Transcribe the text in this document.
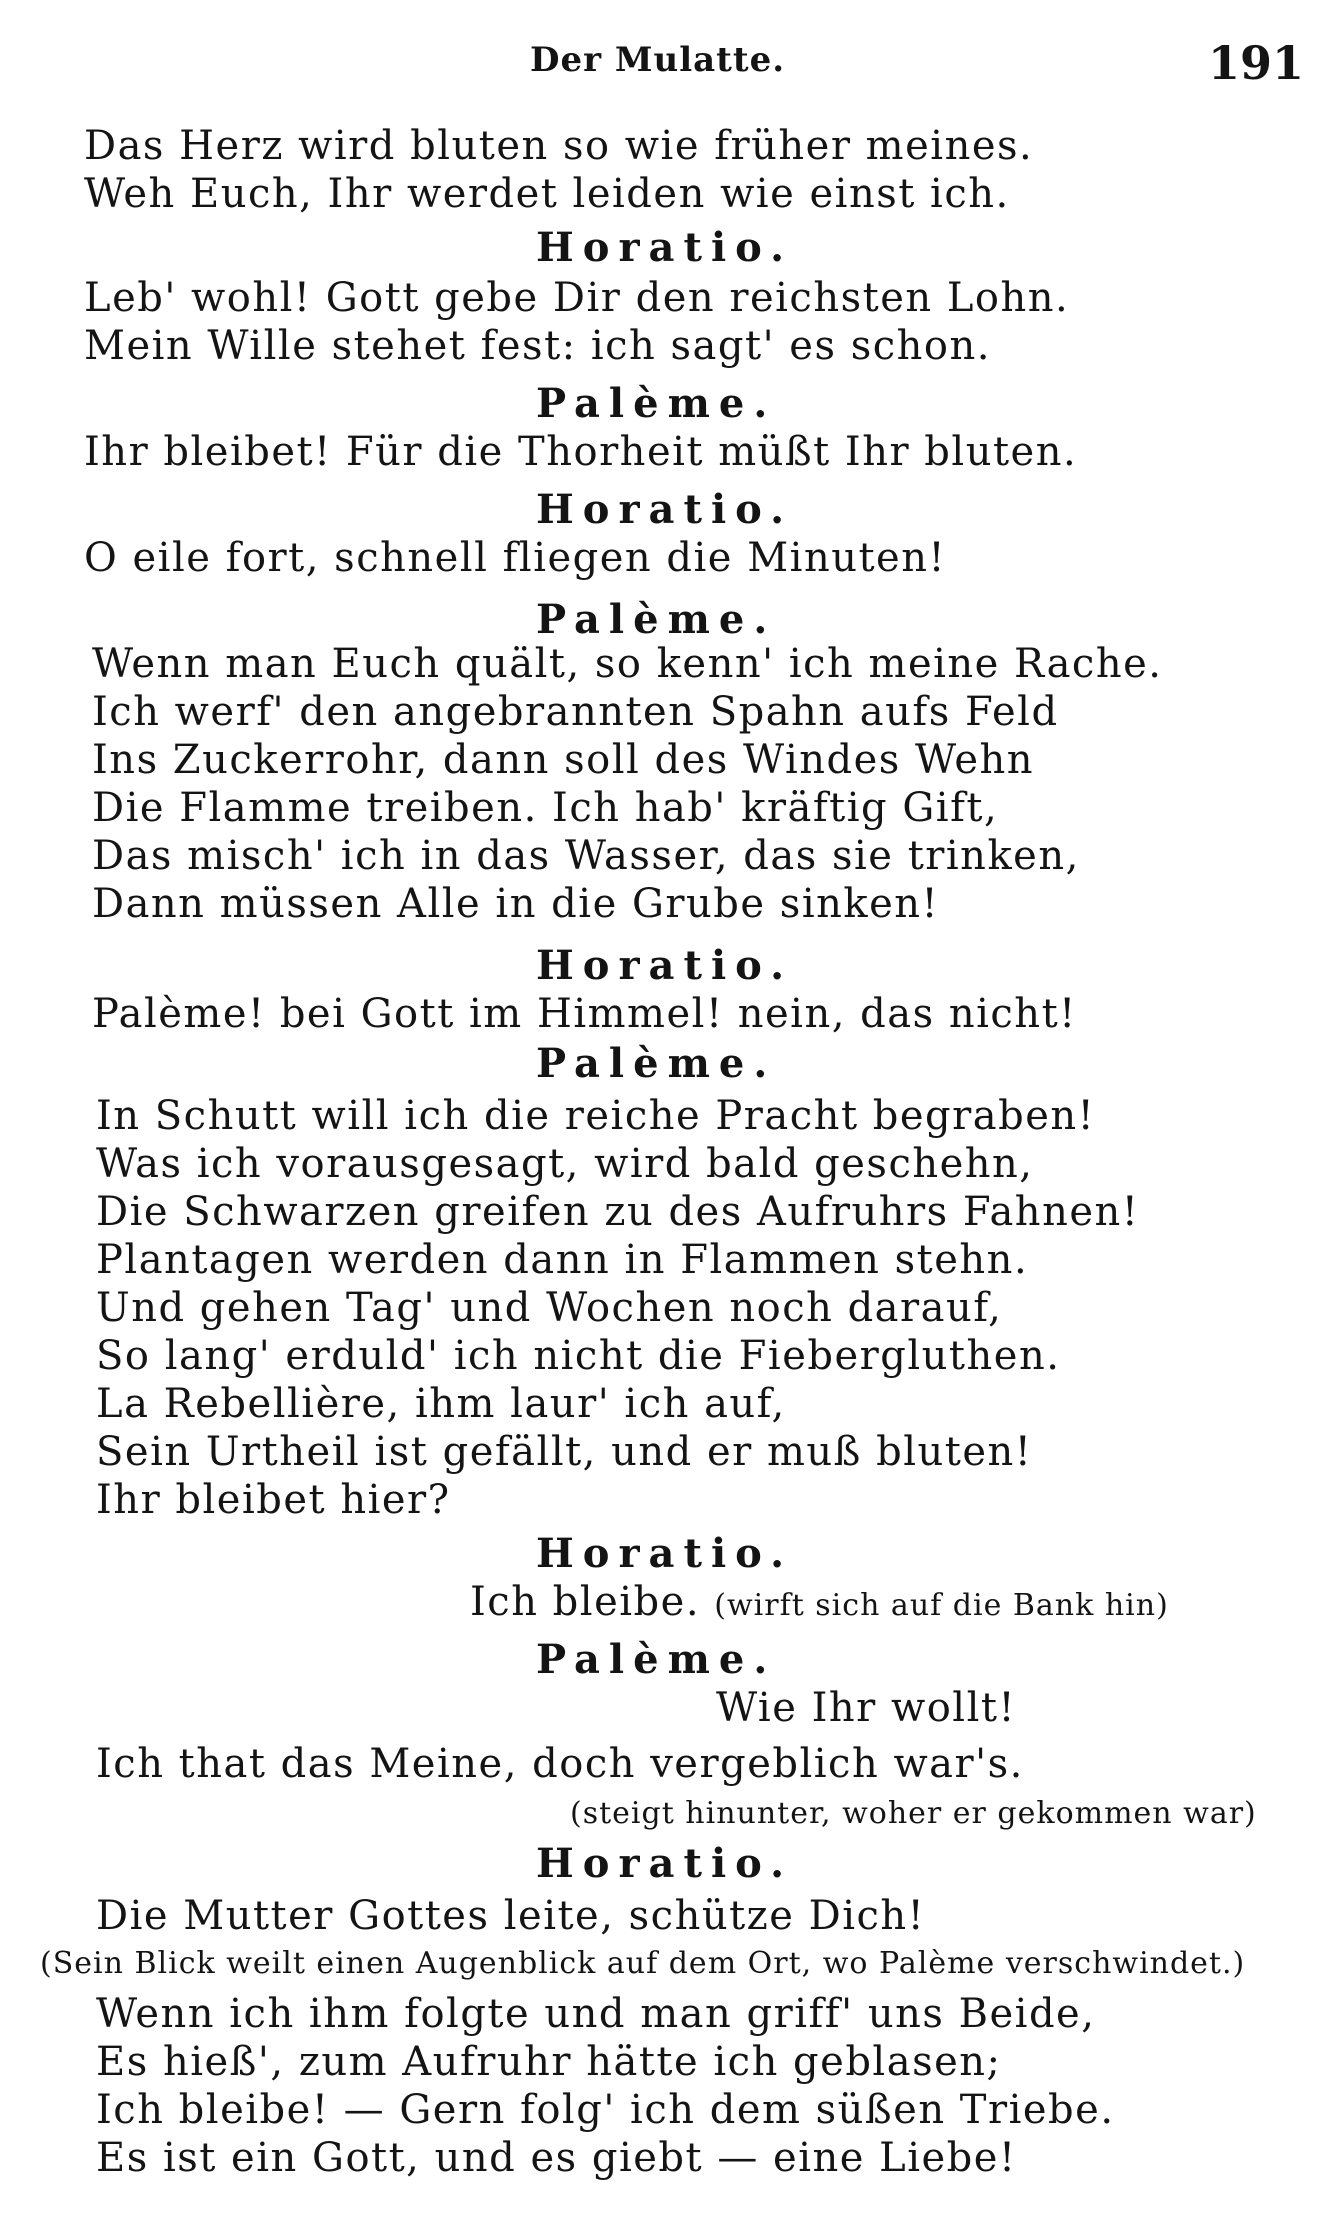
Der Mulatte.	191
Das Herz wird bluten so wie früher meines.
Weh Euch, Ihr werdet leiden wie einst ich.
Horatio.
Leb' wohl! Gott gebe Dir den reichsten Lohn.
Mein Wille stehet fest: ich sagt' es schon.
Palème.
Ihr bleibet! Für die Thorheit müßt Ihr bluten.
Horatio.
O eile fort, schnell fliegen die Minuten!
Palème.
Wenn man Euch quält, so kenn' ich meine Rache.
Ich werf' den angebrannten Spahn aufs Feld
Ins Zuckerrohr, dann soll des Windes Wehn
Die Flamme treiben. Ich hab' kräftig Gift,
Das misch' ich in das Wasser, das sie trinken,
Dann müssen Alle in die Grube sinken!
Horatio.
Palème! bei Gott im Himmel! nein, das nicht!
Palème.
In Schutt will ich die reiche Pracht begraben!
Was ich vorausgesagt, wird bald geschehn,
Die Schwarzen greifen zu des Aufruhrs Fahnen!
Plantagen werden dann in Flammen stehn.
Und gehen Tag' und Wochen noch darauf,
So lang' erduld' ich nicht die Fiebergluthen.
La Rebellière, ihm laur' ich auf,
Sein Urtheil ist gefällt, und er muß bluten!
Ihr bleibet hier?
Horatio.
Ich bleibe. (wirft sich auf die Bank hin)
Palème.
Wie Ihr wollt!
Ich that das Meine, doch vergeblich war's.
(steigt hinunter, woher er gekommen war)
Horatio.
Die Mutter Gottes leite, schütze Dich!
(Sein Blick weilt einen Augenblick auf dem Ort, wo Palème verschwindet.)
Wenn ich ihm folgte und man griff' uns Beide,
Es hieß', zum Aufruhr hätte ich geblasen;
Ich bleibe! — Gern folg' ich dem süßen Triebe.
Es ist ein Gott, und es giebt — eine Liebe!
